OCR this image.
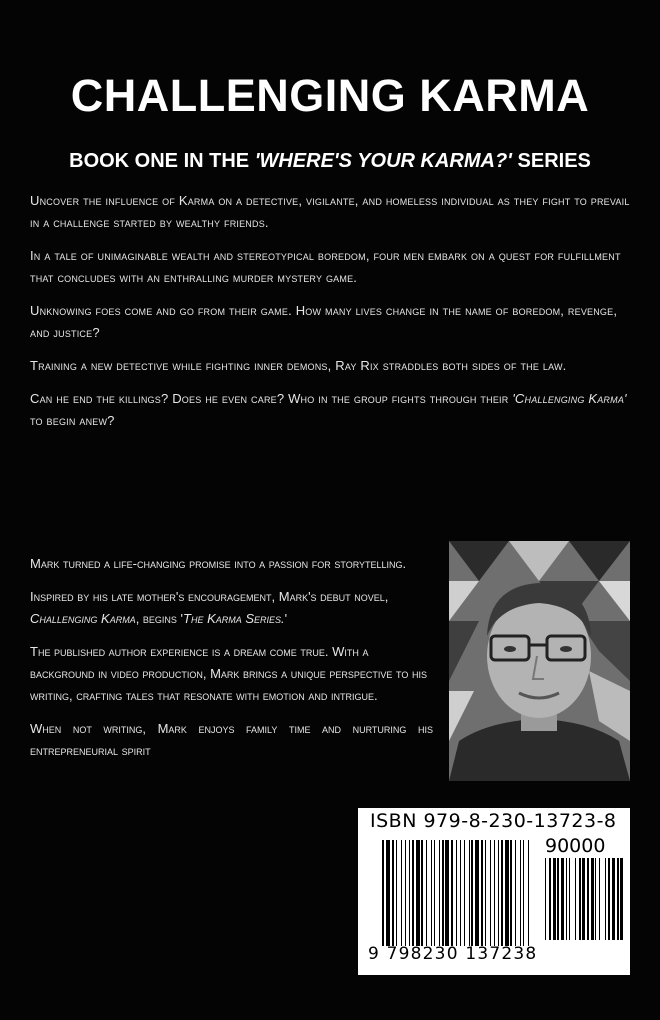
CHALLENGING KARMA
BOOK ONE IN THE 'WHERE'S YOUR KARMA?' SERIES

Uncover the influence of Karma on a detective, vigilante, and homeless individual as they fight to prevail in a challenge started by wealthy friends.

In a tale of unimaginable wealth and stereotypical boredom, four men embark on a quest for fulfillment that concludes with an enthralling murder mystery game.

Unknowing foes come and go from their game. How many lives change in the name of boredom, revenge, and justice?

Training a new detective while fighting inner demons, Ray Rix straddles both sides of the law.

Can he end the killings? Does he even care? Who in the group fights through their 'Challenging Karma' to begin anew?

Mark turned a life-changing promise into a passion for storytelling.

Inspired by his late mother's encouragement, Mark's debut novel, Challenging Karma, begins 'The Karma Series.'

The published author experience is a dream come true. With a background in video production, Mark brings a unique perspective to his writing, crafting tales that resonate with emotion and intrigue.

When not writing, Mark enjoys family time and nurturing his entrepreneurial spirit

ISBN 979-8-230-13723-8
90000
9 798230 137238
